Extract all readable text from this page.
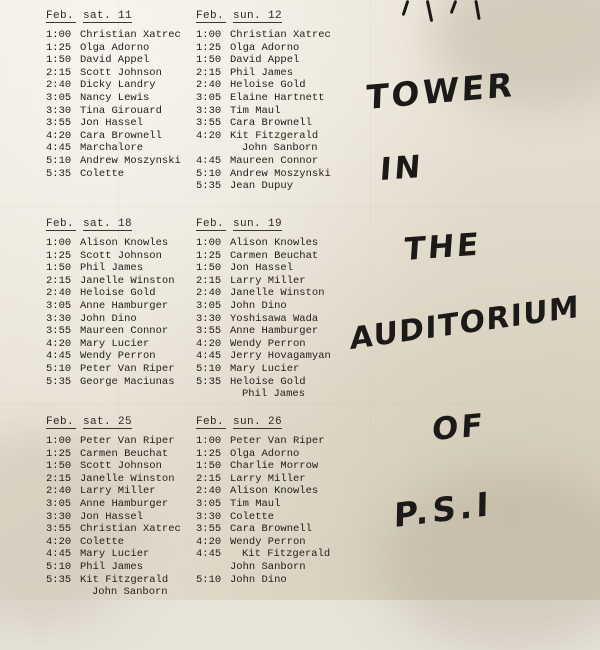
Feb. sat. 11
1:00 Christian Xatrec
1:25 Olga Adorno
1:50 David Appel
2:15 Scott Johnson
2:40 Dicky Landry
3:05 Nancy Lewis
3:30 Tina Girouard
3:55 Jon Hassel
4:20 Cara Brownell
4:45 Marchalore
5:10 Andrew Moszynski
5:35 Colette
Feb. sat. 18
1:00 Alison Knowles
1:25 Scott Johnson
1:50 Phil James
2:15 Janelle Winston
2:40 Heloise Gold
3:05 Anne Hamburger
3:30 John Dino
3:55 Maureen Connor
4:20 Mary Lucier
4:45 Wendy Perron
5:10 Peter Van Riper
5:35 George Maciunas
Feb. sat. 25
1:00 Peter Van Riper
1:25 Carmen Beuchat
1:50 Scott Johnson
2:15 Janelle Winston
2:40 Larry Miller
3:05 Anne Hamburger
3:30 Jon Hassel
3:55 Christian Xatrec
4:20 Colette
4:45 Mary Lucier
5:10 Phil James
5:35 Kit Fitzgerald
John Sanborn
Feb. sun. 12
1:00 Christian Xatrec
1:25 Olga Adorno
1:50 David Appel
2:15 Phil James
2:40 Heloise Gold
3:05 Elaine Hartnett
3:30 Tim Maul
3:55 Cara Brownell
4:20 Kit Fitzgerald
John Sanborn
4:45 Maureen Connor
5:10 Andrew Moszynski
5:35 Jean Dupuy
Feb. sun. 19
1:00 Alison Knowles
1:25 Carmen Beuchat
1:50 Jon Hassel
2:15 Larry Miller
2:40 Janelle Winston
3:05 John Dino
3:30 Yoshisawa Wada
3:55 Anne Hamburger
4:20 Wendy Perron
4:45 Jerry Hovagamyan
5:10 Mary Lucier
5:35 Heloise Gold
Phil James
Feb. sun. 26
1:00 Peter Van Riper
1:25 Olga Adorno
1:50 Charlie Morrow
2:15 Larry Miller
2:40 Alison Knowles
3:05 Tim Maul
3:30 Colette
3:55 Cara Brownell
4:20 Wendy Perron
4:45 Kit Fitzgerald
John Sanborn
5:10 John Dino
TOWER
IN
THE
AUDITORIUM
OF
P.S.I
